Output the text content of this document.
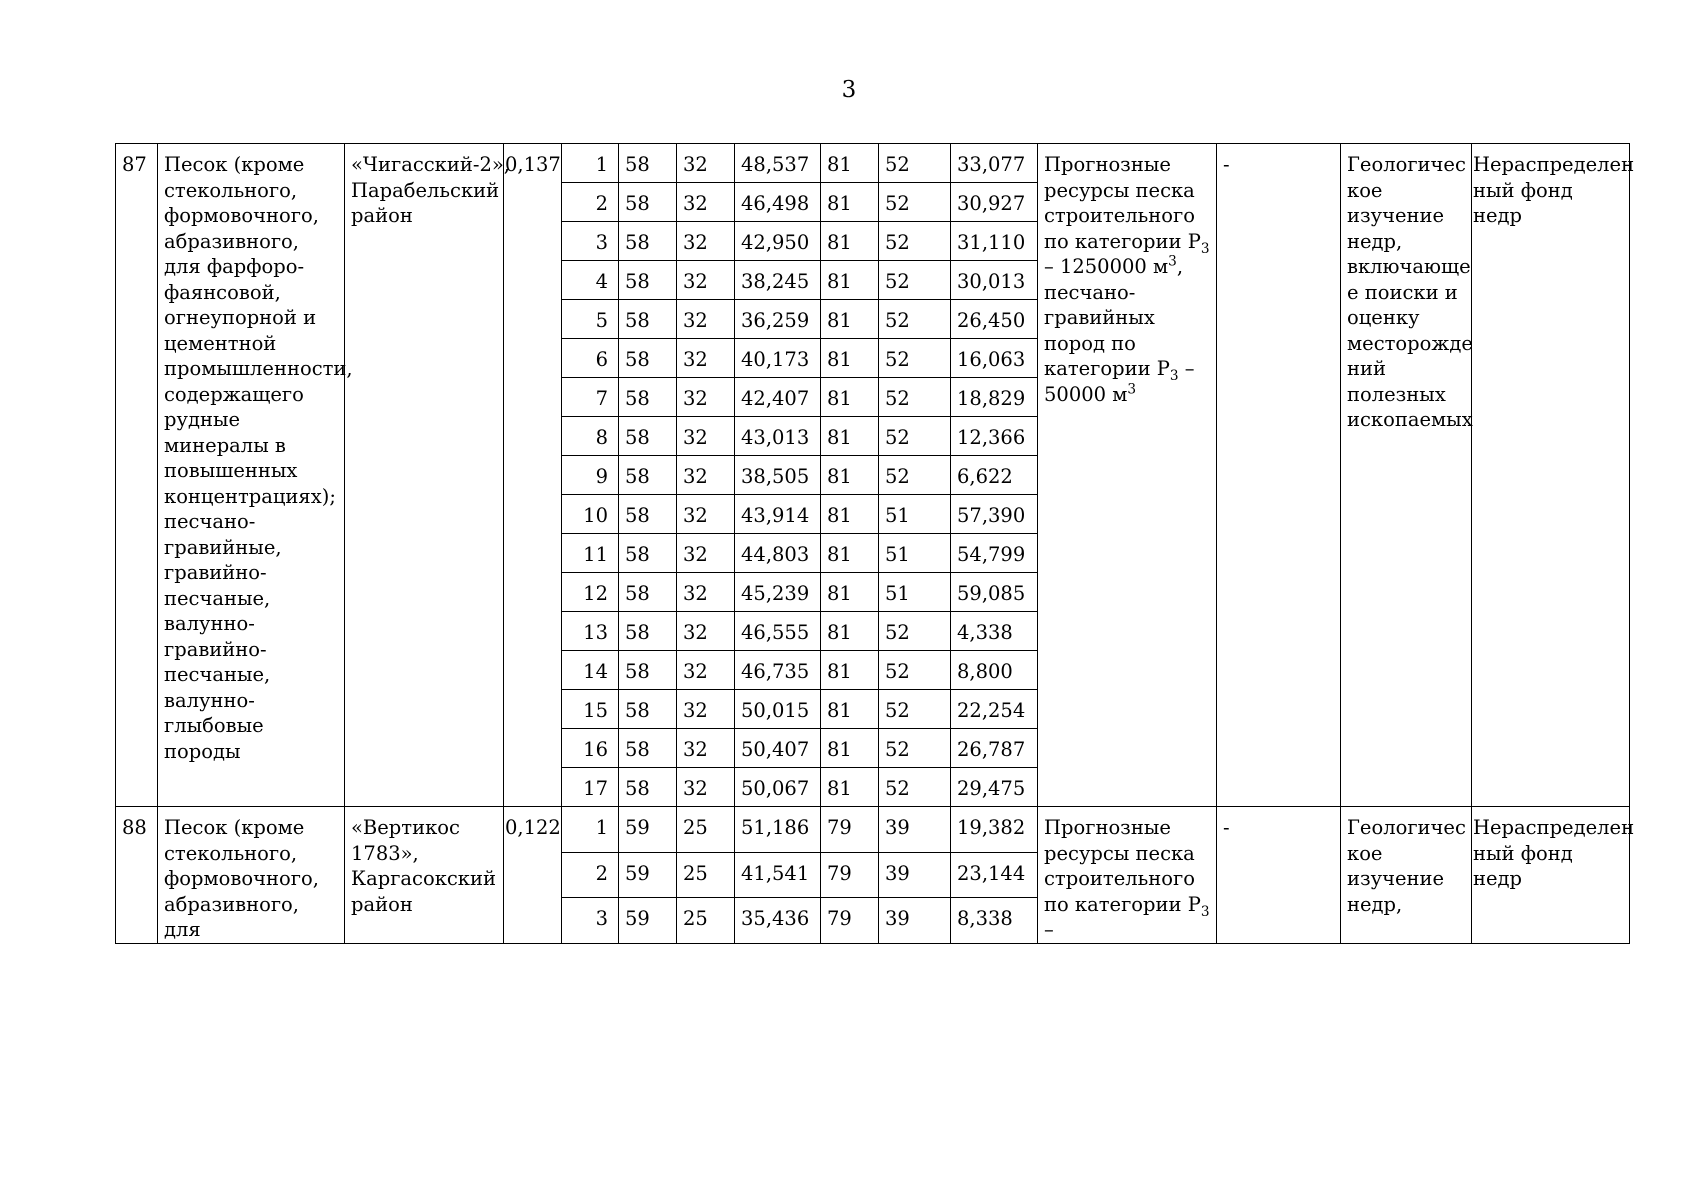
3
87	Песок (кроме стекольного, формовочного, абразивного, для фарфоро-фаянсовой, огнеупорной и цементной промышленности, содержащего рудные минералы в повышенных концентрациях); песчано-гравийные, гравийно-песчаные, валунно-гравийно-песчаные, валунно-глыбовые породы	«Чигасский-2», Парабельский район	0,137	1	58	32	48,537	81	52	33,077	Прогнозные ресурсы песка строительного по категории $Р_3 - 1250000$ $м^3$, песчано-гравийных пород по категории $Р_3 - 50000$ $м^3$	-	Геологичес кое изучение недр, включающе е поиски и оценку месторожде ний полезных ископаемых	Нераспределен ный фонд недр
				2	58	32	46,498	81	52	30,927				
				3	58	32	42,950	81	52	31,110				
				4	58	32	38,245	81	52	30,013				
				5	58	32	36,259	81	52	26,450				
				6	58	32	40,173	81	52	16,063				
				7	58	32	42,407	81	52	18,829				
				8	58	32	43,013	81	52	12,366				
				9	58	32	38,505	81	52	6,622				
				10	58	32	43,914	81	51	57,390				
				11	58	32	44,803	81	51	54,799				
				12	58	32	45,239	81	51	59,085				
				13	58	32	46,555	81	52	4,338				
				14	58	32	46,735	81	52	8,800				
				15	58	32	50,015	81	52	22,254				
				16	58	32	50,407	81	52	26,787				
				17	58	32	50,067	81	52	29,475				
88	Песок (кроме стекольного, формовочного, абразивного, для	«Вертикос 1783», Каргасокский район	0,122	1	59	25	51,186	79	39	19,382	Прогнозные ресурсы песка строительного по категории $Р_3$ –	-	Геологичес кое изучение недр,	Нераспределен ный фонд недр
				2	59	25	41,541	79	39	23,144				
				3	59	25	35,436	79	39	8,338				
